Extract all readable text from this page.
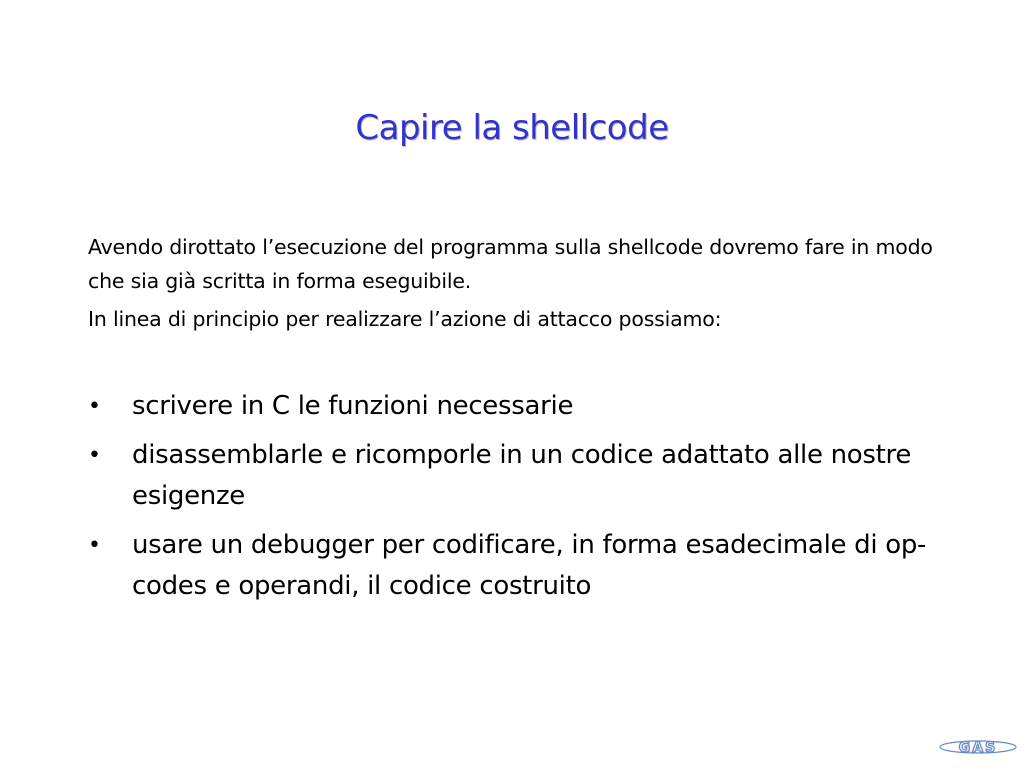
Capire la shellcode

Avendo dirottato l’esecuzione del programma sulla shellcode dovremo fare in modo che sia già scritta in forma eseguibile.

In linea di principio per realizzare l’azione di attacco possiamo:

• scrivere in C le funzioni necessarie
• disassemblarle e ricomporle in un codice adattato alle nostre esigenze
• usare un debugger per codificare, in forma esadecimale di op-codes e operandi, il codice costruito
GAS
